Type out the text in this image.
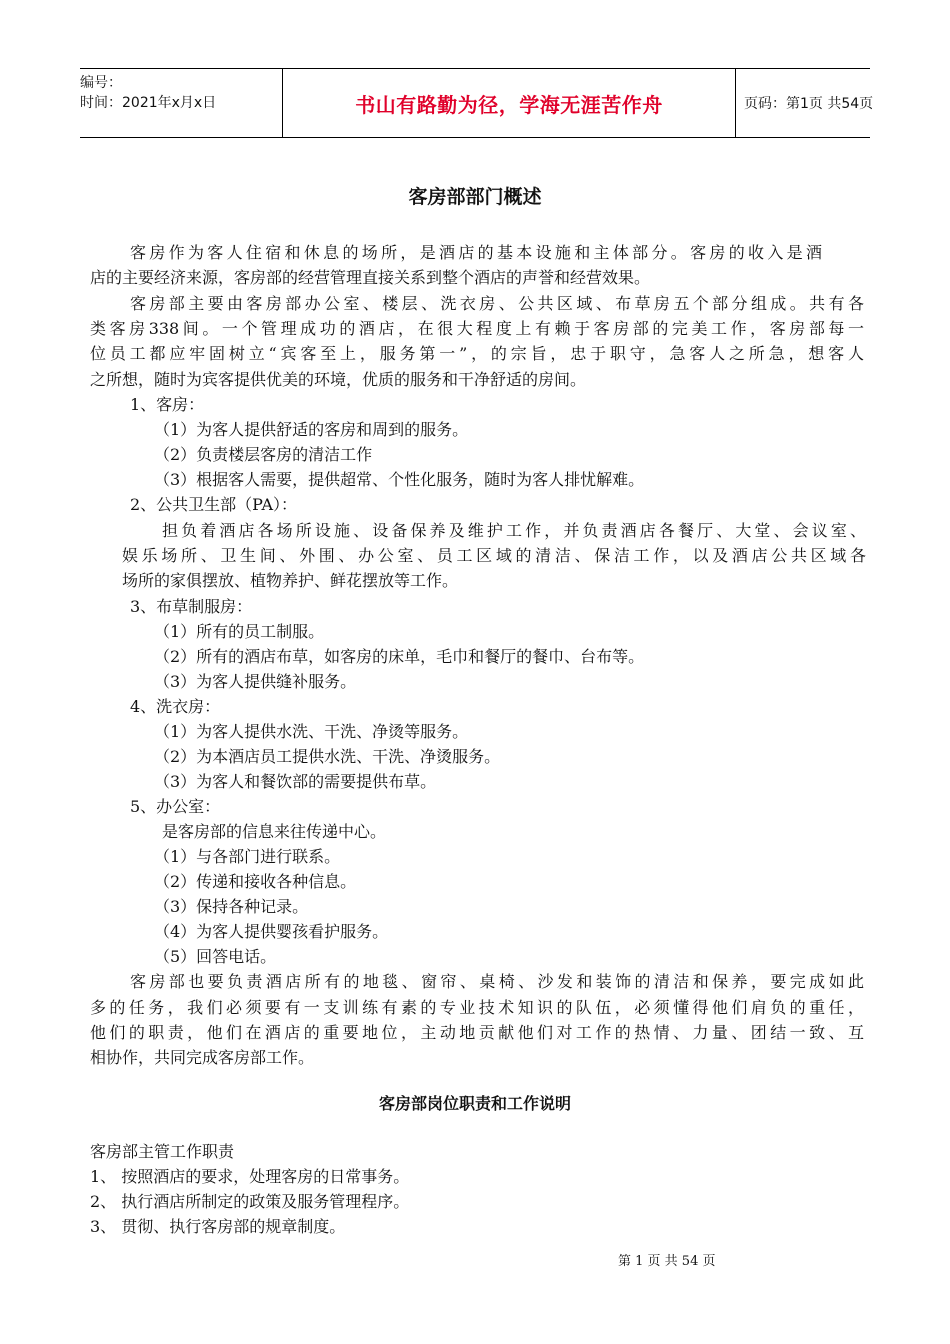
编号：
时间：2021年x月x日	书山有路勤为径，学海无涯苦作舟	页码：第1页 共54页
客房部部门概述
客房作为客人住宿和休息的场所，是酒店的基本设施和主体部分。客房的收入是酒
店的主要经济来源，客房部的经营管理直接关系到整个酒店的声誉和经营效果。
客房部主要由客房部办公室、楼层、洗衣房、公共区域、布草房五个部分组成。共有各
类客房338间。一个管理成功的酒店，在很大程度上有赖于客房部的完美工作，客房部每一
位员工都应牢固树立“宾客至上，服务第一”，的宗旨，忠于职守，急客人之所急，想客人
之所想，随时为宾客提供优美的环境，优质的服务和干净舒适的房间。
1、客房：
（1）为客人提供舒适的客房和周到的服务。
（2）负责楼层客房的清洁工作
（3）根据客人需要，提供超常、个性化服务，随时为客人排忧解难。
2、公共卫生部（PA）：
担负着酒店各场所设施、设备保养及维护工作，并负责酒店各餐厅、大堂、会议室、
娱乐场所、卫生间、外围、办公室、员工区域的清洁、保洁工作，以及酒店公共区域各
场所的家俱摆放、植物养护、鲜花摆放等工作。
3、布草制服房：
（1）所有的员工制服。
（2）所有的酒店布草，如客房的床单，毛巾和餐厅的餐巾、台布等。
（3）为客人提供缝补服务。
4、洗衣房：
（1）为客人提供水洗、干洗、净烫等服务。
（2）为本酒店员工提供水洗、干洗、净烫服务。
（3）为客人和餐饮部的需要提供布草。
5、办公室：
是客房部的信息来往传递中心。
（1）与各部门进行联系。
（2）传递和接收各种信息。
（3）保持各种记录。
（4）为客人提供婴孩看护服务。
（5）回答电话。
客房部也要负责酒店所有的地毯、窗帘、桌椅、沙发和装饰的清洁和保养，要完成如此
多的任务，我们必须要有一支训练有素的专业技术知识的队伍，必须懂得他们肩负的重任，
他们的职责，他们在酒店的重要地位，主动地贡献他们对工作的热情、力量、团结一致、互
相协作，共同完成客房部工作。
客房部岗位职责和工作说明
客房部主管工作职责
1、 按照酒店的要求，处理客房的日常事务。
2、 执行酒店所制定的政策及服务管理程序。
3、 贯彻、执行客房部的规章制度。
第 1 页 共 54 页
